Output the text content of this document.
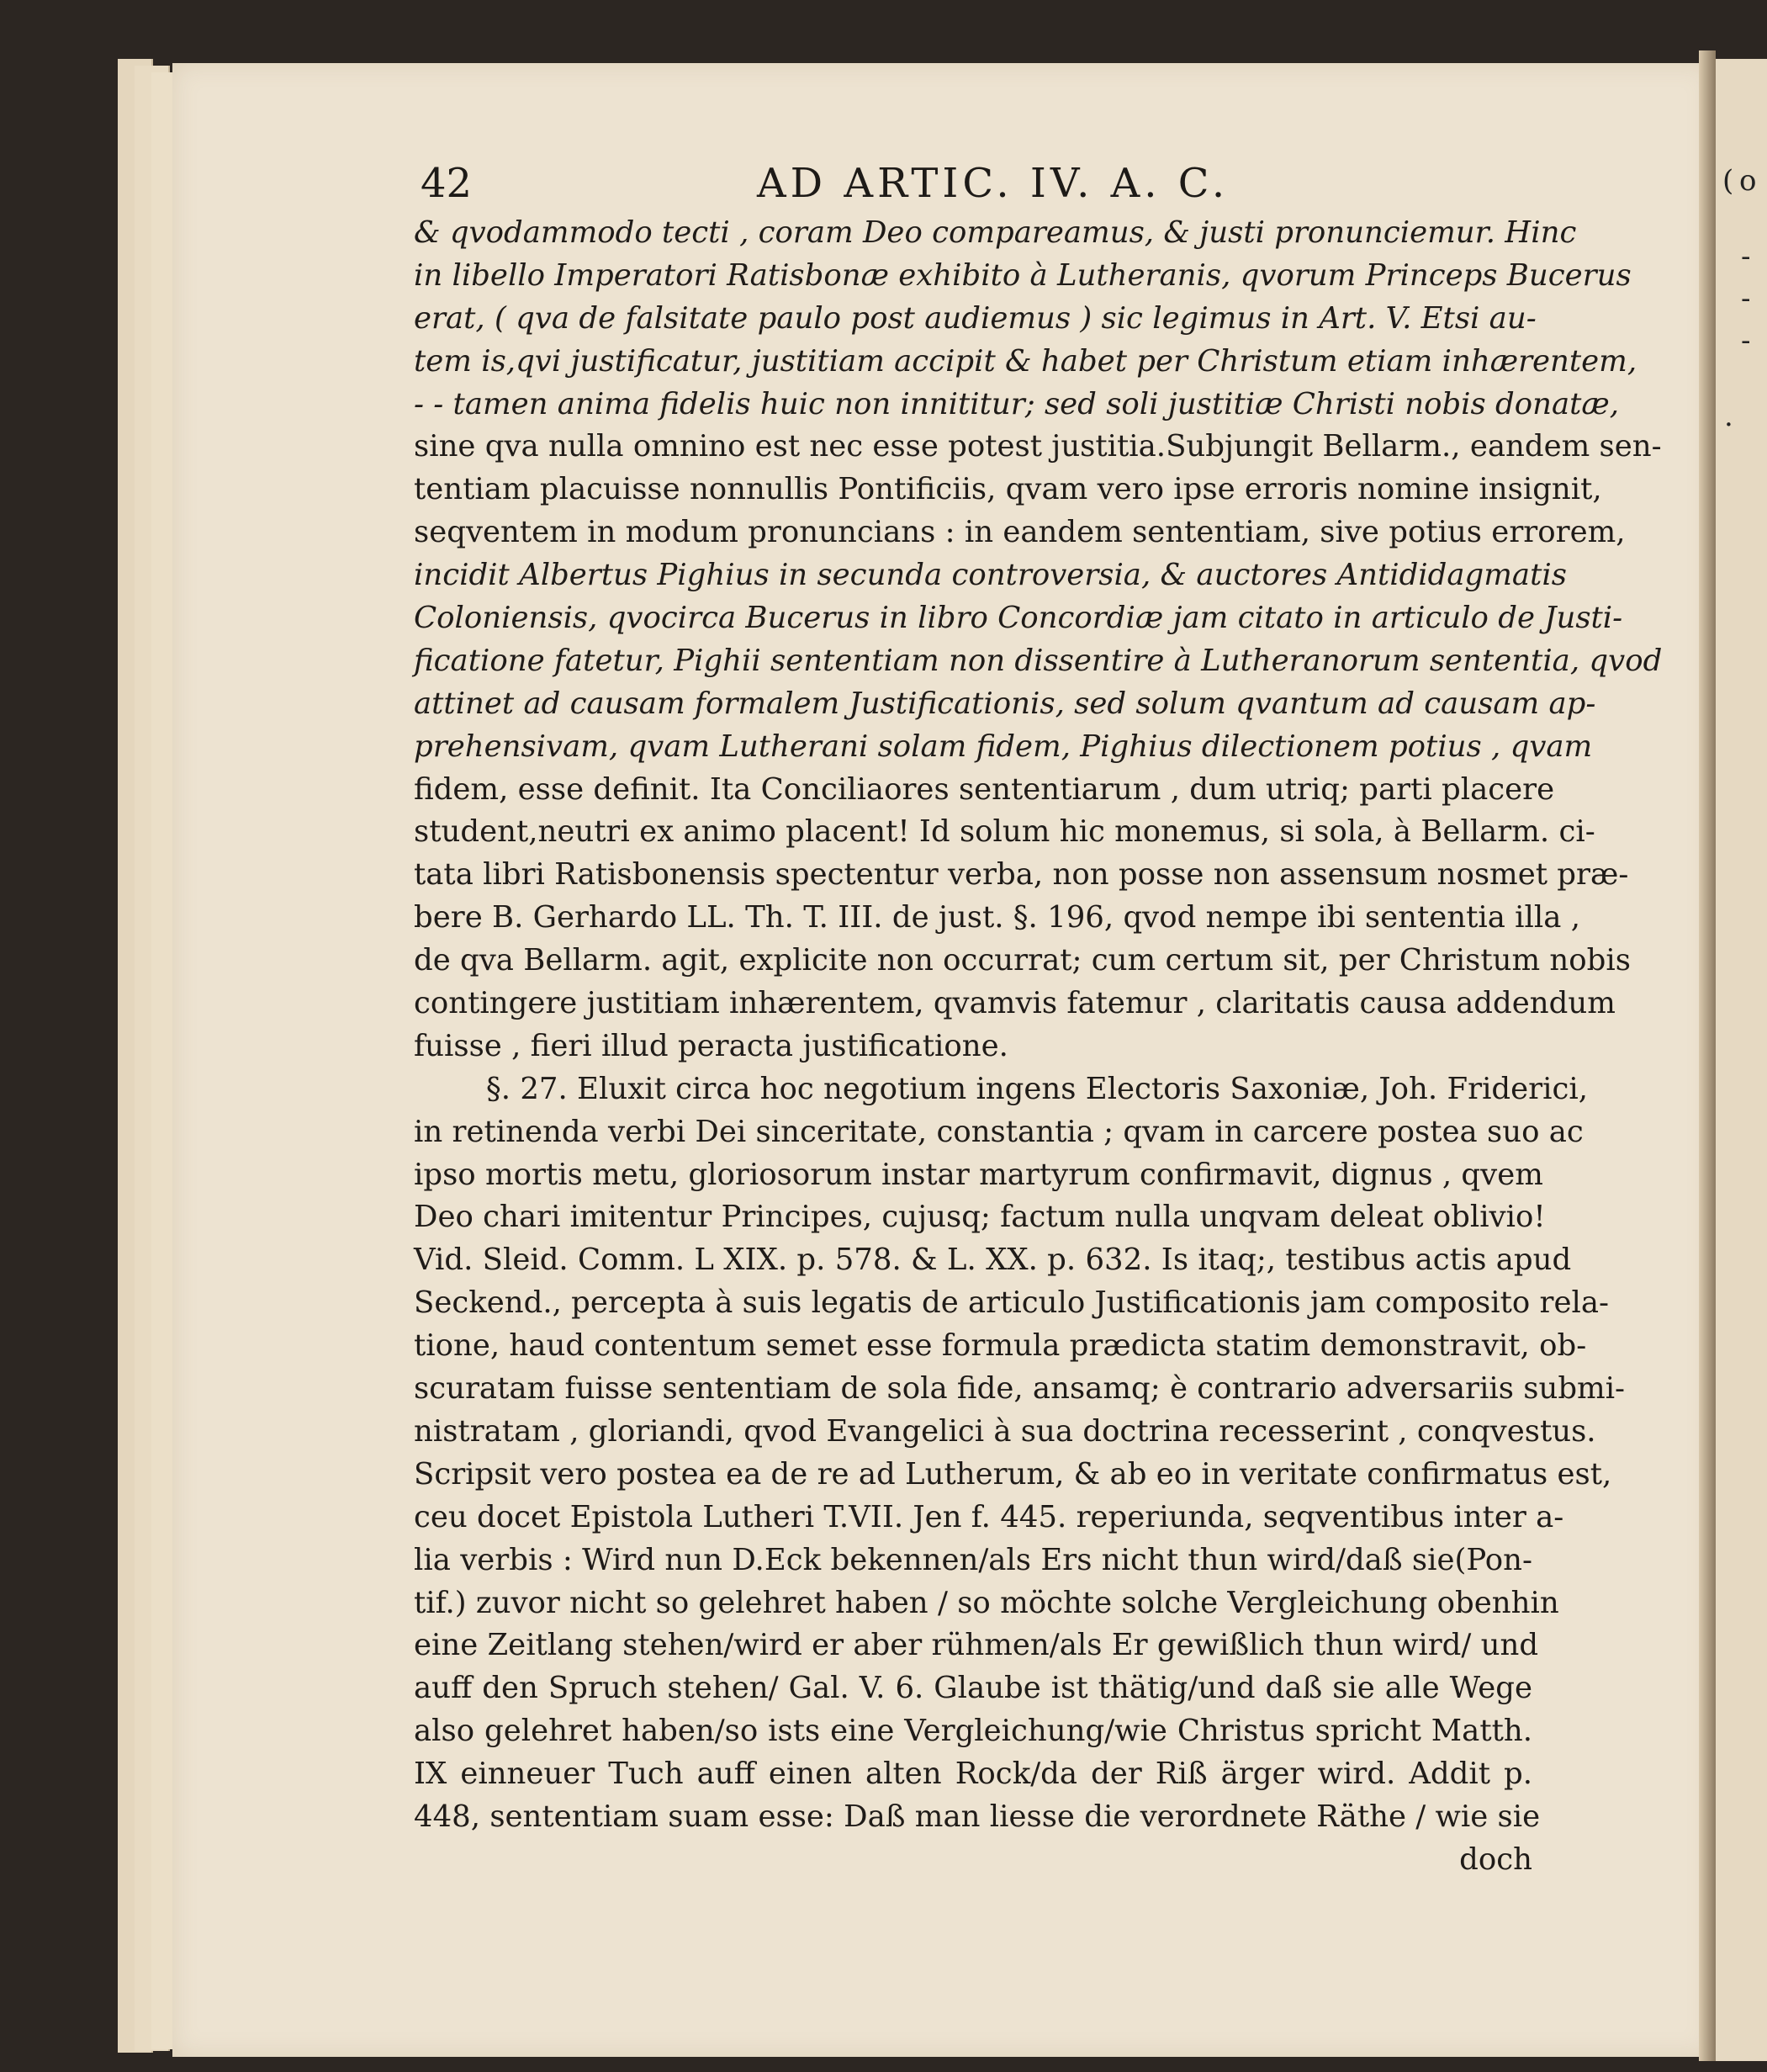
( o
-
-
-
.
42	AD ARTIC. IV. A. C.
& qvodammodo tecti , coram Deo compareamus, & justi pronunciemur. Hinc
in libello Imperatori Ratisbonæ exhibito à Lutheranis, qvorum Princeps Bucerus
erat, ( qva de falsitate paulo post audiemus ) sic legimus in Art. V. Etsi au-
tem is,qvi justificatur, justitiam accipit & habet per Christum etiam inhærentem,
- - tamen anima fidelis huic non innititur; sed soli justitiæ Christi nobis donatæ,
sine qva nulla omnino est nec esse potest justitia.Subjungit Bellarm., eandem sen-
tentiam placuisse nonnullis Pontificiis, qvam vero ipse erroris nomine insignit,
seqventem in modum pronuncians : in eandem sententiam, sive potius errorem,
incidit Albertus Pighius in secunda controversia, & auctores Antididagmatis
Coloniensis, qvocirca Bucerus in libro Concordiæ jam citato in articulo de Justi-
ficatione fatetur, Pighii sententiam non dissentire à Lutheranorum sententia, qvod
attinet ad causam formalem Justificationis, sed solum qvantum ad causam ap-
prehensivam, qvam Lutherani solam fidem, Pighius dilectionem potius , qvam
fidem, esse definit. Ita Conciliaores sententiarum , dum utriq; parti placere
student,neutri ex animo placent! Id solum hic monemus, si sola, à Bellarm. ci-
tata libri Ratisbonensis spectentur verba, non posse non assensum nosmet præ-
bere B. Gerhardo LL. Th. T. III. de just. §. 196, qvod nempe ibi sententia illa ,
de qva Bellarm. agit, explicite non occurrat; cum certum sit, per Christum nobis
contingere justitiam inhærentem, qvamvis fatemur , claritatis causa addendum
fuisse , fieri illud peracta justificatione.
§. 27. Eluxit circa hoc negotium ingens Electoris Saxoniæ, Joh. Friderici,
in retinenda verbi Dei sinceritate, constantia ; qvam in carcere postea suo ac
ipso mortis metu, gloriosorum instar martyrum confirmavit, dignus , qvem
Deo chari imitentur Principes, cujusq; factum nulla unqvam deleat oblivio!
Vid. Sleid. Comm. L XIX. p. 578. & L. XX. p. 632. Is itaq;, testibus actis apud
Seckend., percepta à suis legatis de articulo Justificationis jam composito rela-
tione, haud contentum semet esse formula prædicta statim demonstravit, ob-
scuratam fuisse sententiam de sola fide, ansamq; è contrario adversariis submi-
nistratam , gloriandi, qvod Evangelici à sua doctrina recesserint , conqvestus.
Scripsit vero postea ea de re ad Lutherum, & ab eo in veritate confirmatus est,
ceu docet Epistola Lutheri T.VII. Jen f. 445. reperiunda, seqventibus inter a-
lia verbis : Wird nun D.Eck bekennen/als Ers nicht thun wird/daß sie(Pon-
tif.) zuvor nicht so gelehret haben / so möchte solche Vergleichung obenhin
eine Zeitlang stehen/wird er aber rühmen/als Er gewißlich thun wird/ und
auff den Spruch stehen/ Gal. V. 6. Glaube ist thätig/und daß sie alle Wege
also gelehret haben/so ists eine Vergleichung/wie Christus spricht Matth.
IX einneuer Tuch auff einen alten Rock/da der Riß ärger wird. Addit p.
448, sententiam suam esse: Daß man liesse die verordnete Räthe / wie sie
doch
